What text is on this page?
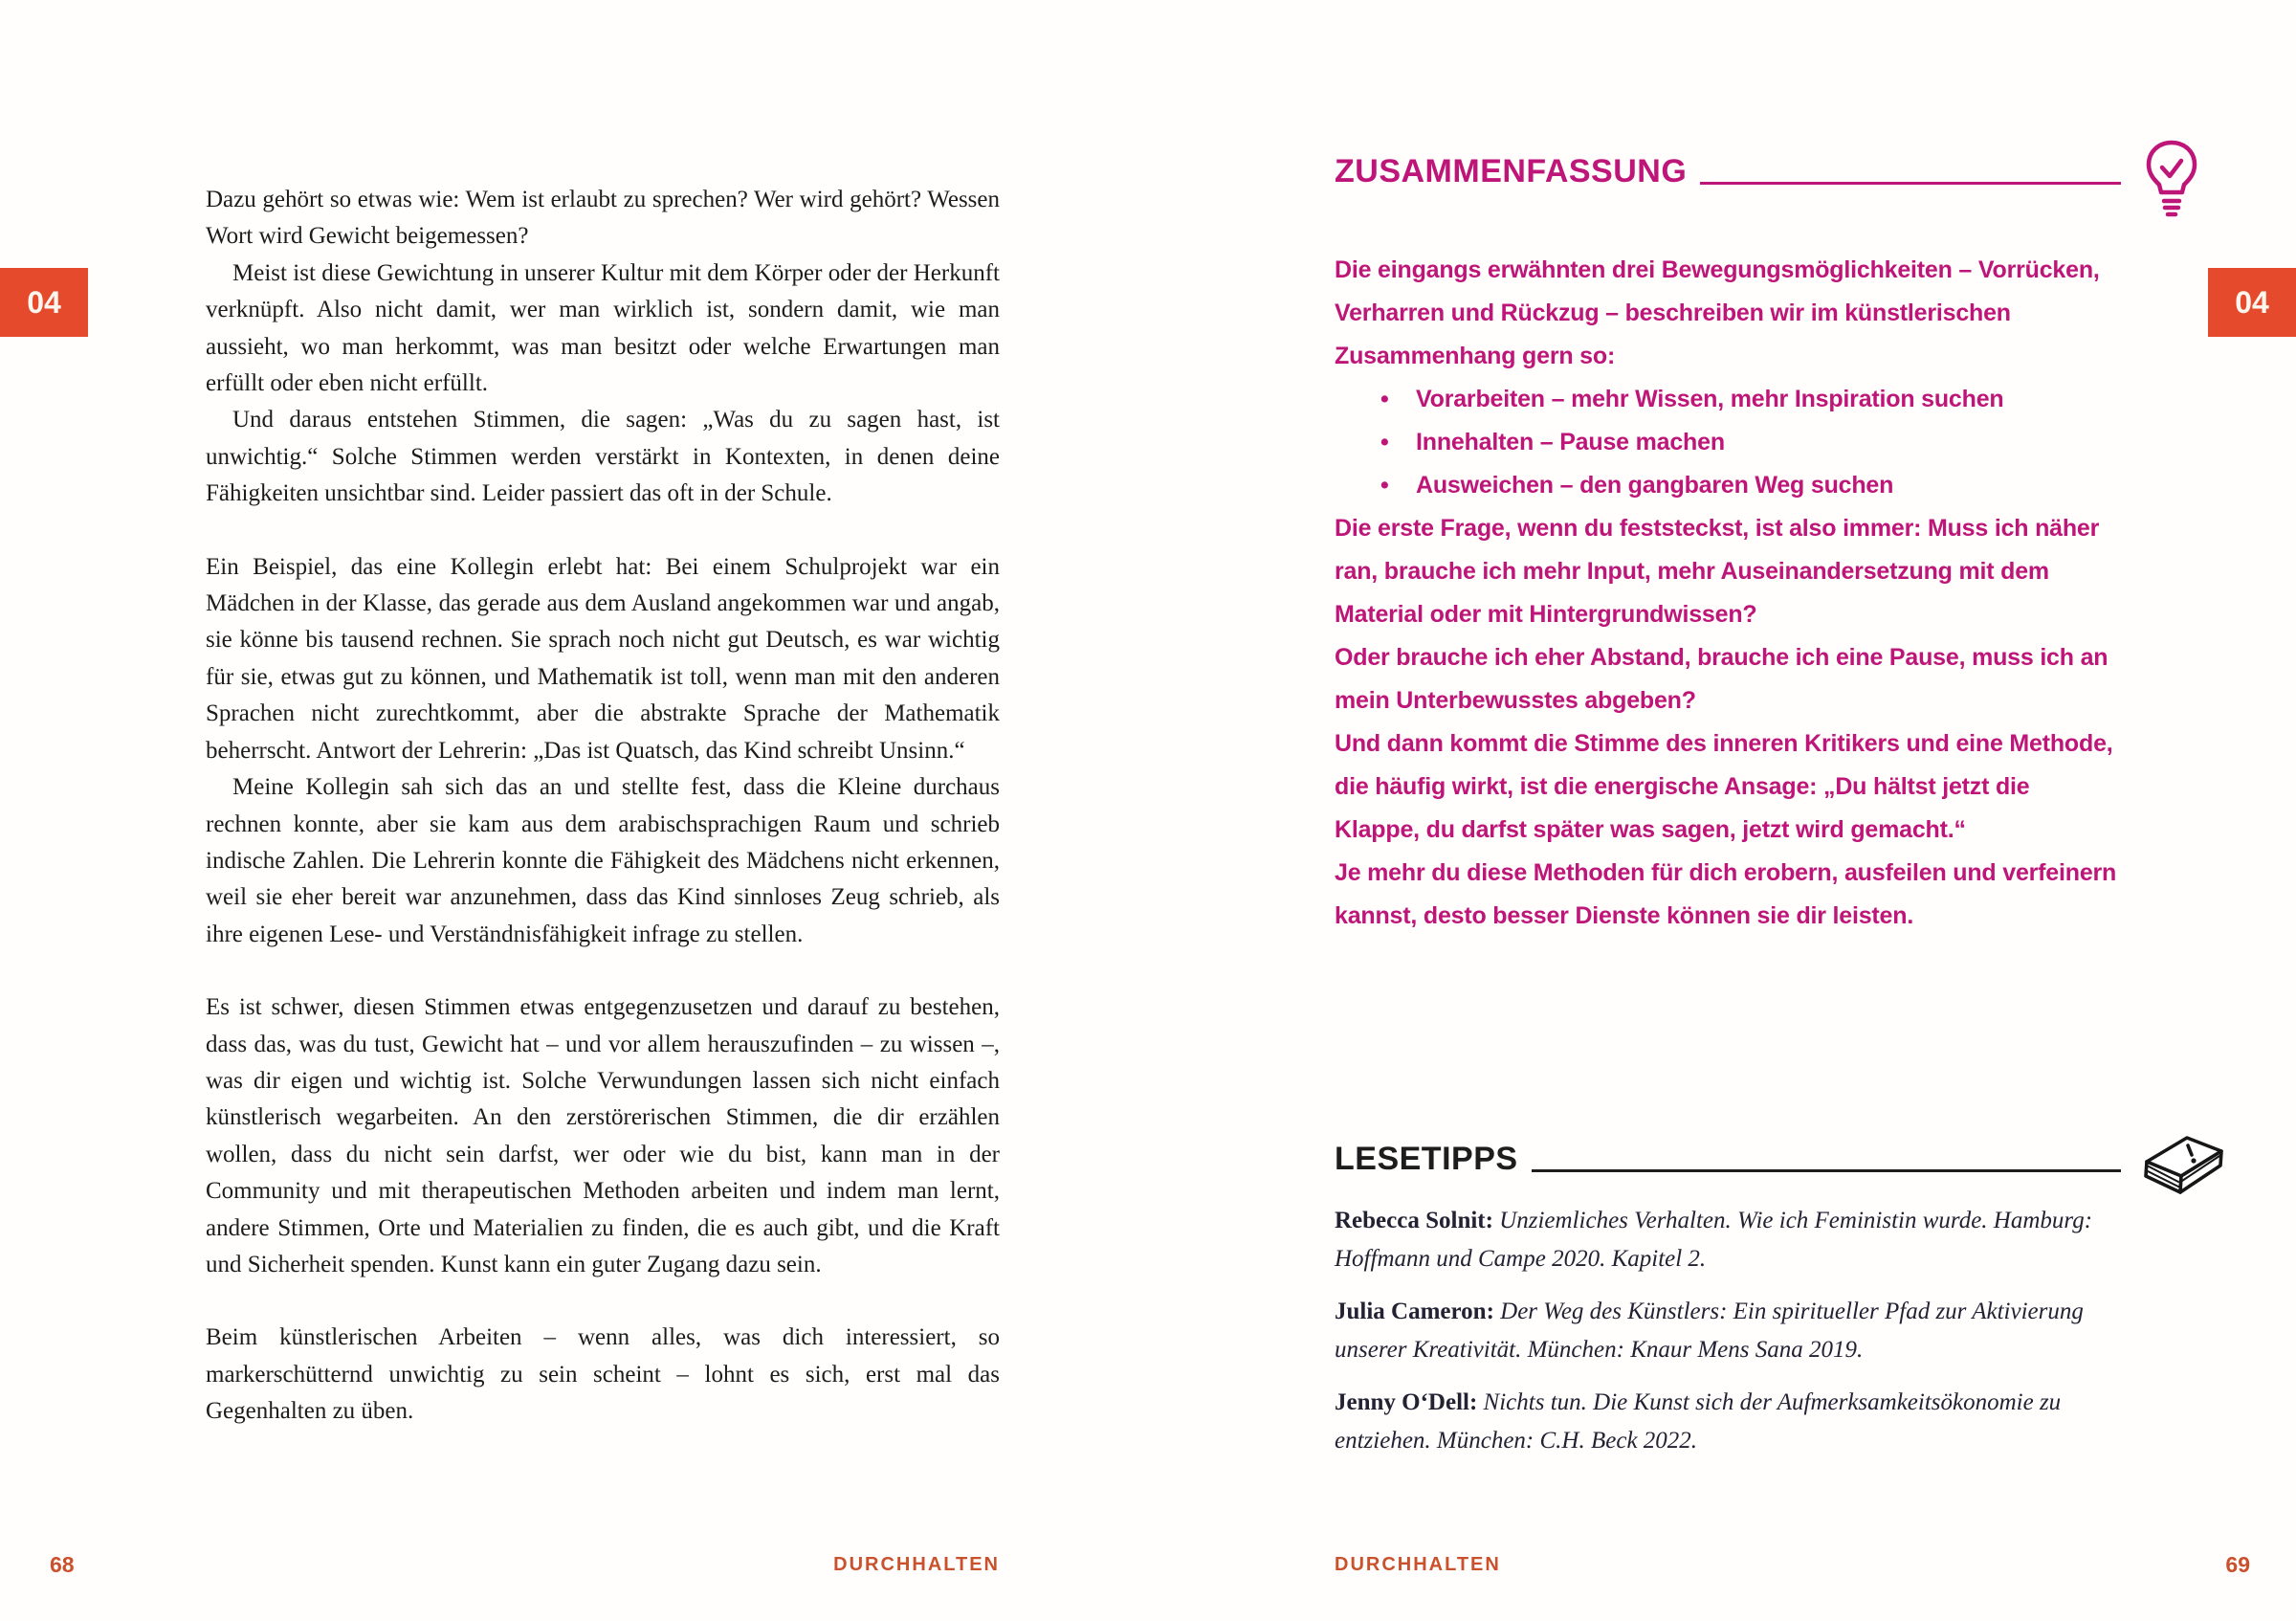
04	04

Dazu gehört so etwas wie: Wem ist erlaubt zu sprechen? Wer wird gehört? Wessen Wort wird Gewicht beigemessen?

Meist ist diese Gewichtung in unserer Kultur mit dem Körper oder der Herkunft verknüpft. Also nicht damit, wer man wirklich ist, sondern damit, wie man aussieht, wo man herkommt, was man besitzt oder welche Erwartungen man erfüllt oder eben nicht erfüllt.

Und daraus entstehen Stimmen, die sagen: „Was du zu sagen hast, ist unwichtig.“ Solche Stimmen werden verstärkt in Kontexten, in denen deine Fähigkeiten unsichtbar sind. Leider passiert das oft in der Schule.

Ein Beispiel, das eine Kollegin erlebt hat: Bei einem Schulprojekt war ein Mädchen in der Klasse, das gerade aus dem Ausland angekommen war und angab, sie könne bis tausend rechnen. Sie sprach noch nicht gut Deutsch, es war wichtig für sie, etwas gut zu können, und Mathematik ist toll, wenn man mit den anderen Sprachen nicht zurechtkommt, aber die abstrakte Sprache der Mathematik beherrscht. Antwort der Lehrerin: „Das ist Quatsch, das Kind schreibt Unsinn.“

Meine Kollegin sah sich das an und stellte fest, dass die Kleine durchaus rechnen konnte, aber sie kam aus dem arabischsprachigen Raum und schrieb indische Zahlen. Die Lehrerin konnte die Fähigkeit des Mädchens nicht erkennen, weil sie eher bereit war anzunehmen, dass das Kind sinnloses Zeug schrieb, als ihre eigenen Lese- und Verständnisfähigkeit infrage zu stellen.

Es ist schwer, diesen Stimmen etwas entgegenzusetzen und darauf zu bestehen, dass das, was du tust, Gewicht hat – und vor allem herauszufinden – zu wissen –, was dir eigen und wichtig ist. Solche Verwundungen lassen sich nicht einfach künstlerisch wegarbeiten. An den zerstörerischen Stimmen, die dir erzählen wollen, dass du nicht sein darfst, wer oder wie du bist, kann man in der Community und mit therapeutischen Methoden arbeiten und indem man lernt, andere Stimmen, Orte und Materialien zu finden, die es auch gibt, und die Kraft und Sicherheit spenden. Kunst kann ein guter Zugang dazu sein.

Beim künstlerischen Arbeiten – wenn alles, was dich interessiert, so markerschütternd unwichtig zu sein scheint – lohnt es sich, erst mal das Gegenhalten zu üben.

ZUSAMMENFASSUNG

Die eingangs erwähnten drei Bewegungsmöglichkeiten – Vorrücken, Verharren und Rückzug – beschreiben wir im künstlerischen Zusammenhang gern so:

• Vorarbeiten – mehr Wissen, mehr Inspiration suchen
• Innehalten – Pause machen
• Ausweichen – den gangbaren Weg suchen

Die erste Frage, wenn du feststeckst, ist also immer: Muss ich näher ran, brauche ich mehr Input, mehr Auseinandersetzung mit dem Material oder mit Hintergrundwissen?

Oder brauche ich eher Abstand, brauche ich eine Pause, muss ich an mein Unterbewusstes abgeben?

Und dann kommt die Stimme des inneren Kritikers und eine Methode, die häufig wirkt, ist die energische Ansage: „Du hältst jetzt die Klappe, du darfst später was sagen, jetzt wird gemacht.“

Je mehr du diese Methoden für dich erobern, ausfeilen und verfeinern kannst, desto besser Dienste können sie dir leisten.

LESETIPPS

Rebecca Solnit: Unziemliches Verhalten. Wie ich Feministin wurde. Hamburg: Hoffmann und Campe 2020. Kapitel 2.

Julia Cameron: Der Weg des Künstlers: Ein spiritueller Pfad zur Aktivierung unserer Kreativität. München: Knaur Mens Sana 2019.

Jenny O‘Dell: Nichts tun. Die Kunst sich der Aufmerksamkeitsökonomie zu entziehen. München: C.H. Beck 2022.

68	DURCHHALTEN	DURCHHALTEN	69
